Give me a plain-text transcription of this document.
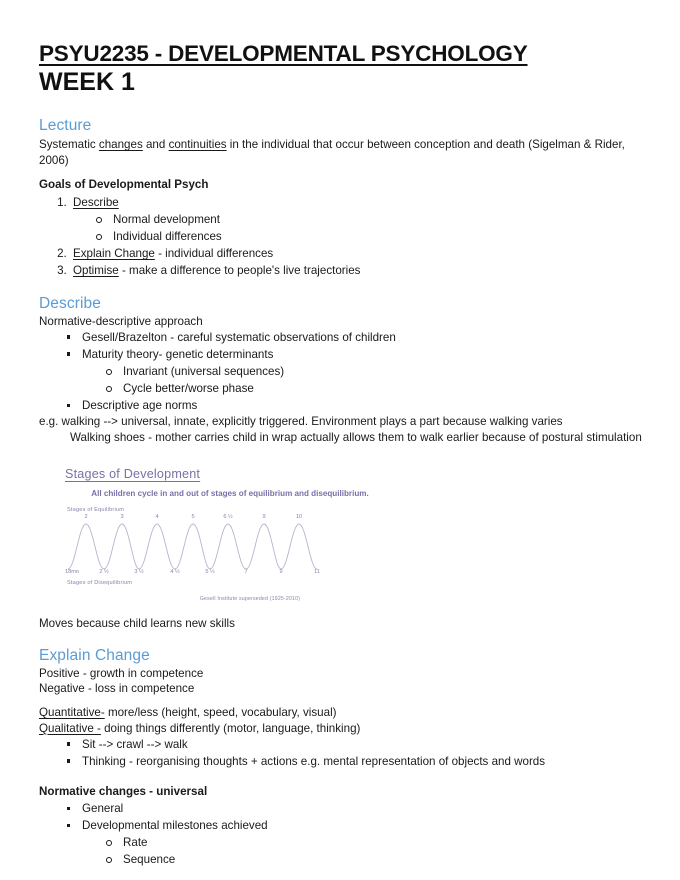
PSYU2235 - DEVELOPMENTAL PSYCHOLOGY
WEEK 1

Lecture

Systematic changes and continuities in the individual that occur between conception and death (Sigelman & Rider, 2006)

Goals of Developmental Psych

1. Describe
Normal development
Individual differences
2. Explain Change - individual differences
3. Optimise - make a difference to people's live trajectories

Describe

Normative-descriptive approach

Gesell/Brazelton - careful systematic observations of children
Maturity theory- genetic determinants
Invariant (universal sequences)
Cycle better/worse phase
Descriptive age norms

e.g. walking --> universal, innate, explicitly triggered. Environment plays a part because walking varies
Walking shoes - mother carries child in wrap actually allows them to walk earlier because of postural stimulation

Stages of Development

All children cycle in and out of stages of equilibrium and disequilibrium.

Stages of Equilibrium

2	3	4	5	6 ½	9	10
18mo	2 ½	3 ½	4 ½	5 ½	7	9	11

Stages of Disequilibrium

Gesell Institute superseded (1925-2010)

Moves because child learns new skills

Explain Change

Positive - growth in competence

Negative - loss in competence

Quantitative- more/less (height, speed, vocabulary, visual)

Qualitative - doing things differently (motor, language, thinking)

Sit --> crawl --> walk
Thinking - reorganising thoughts + actions e.g. mental representation of objects and words

Normative changes - universal

General
Developmental milestones achieved
Rate
Sequence
